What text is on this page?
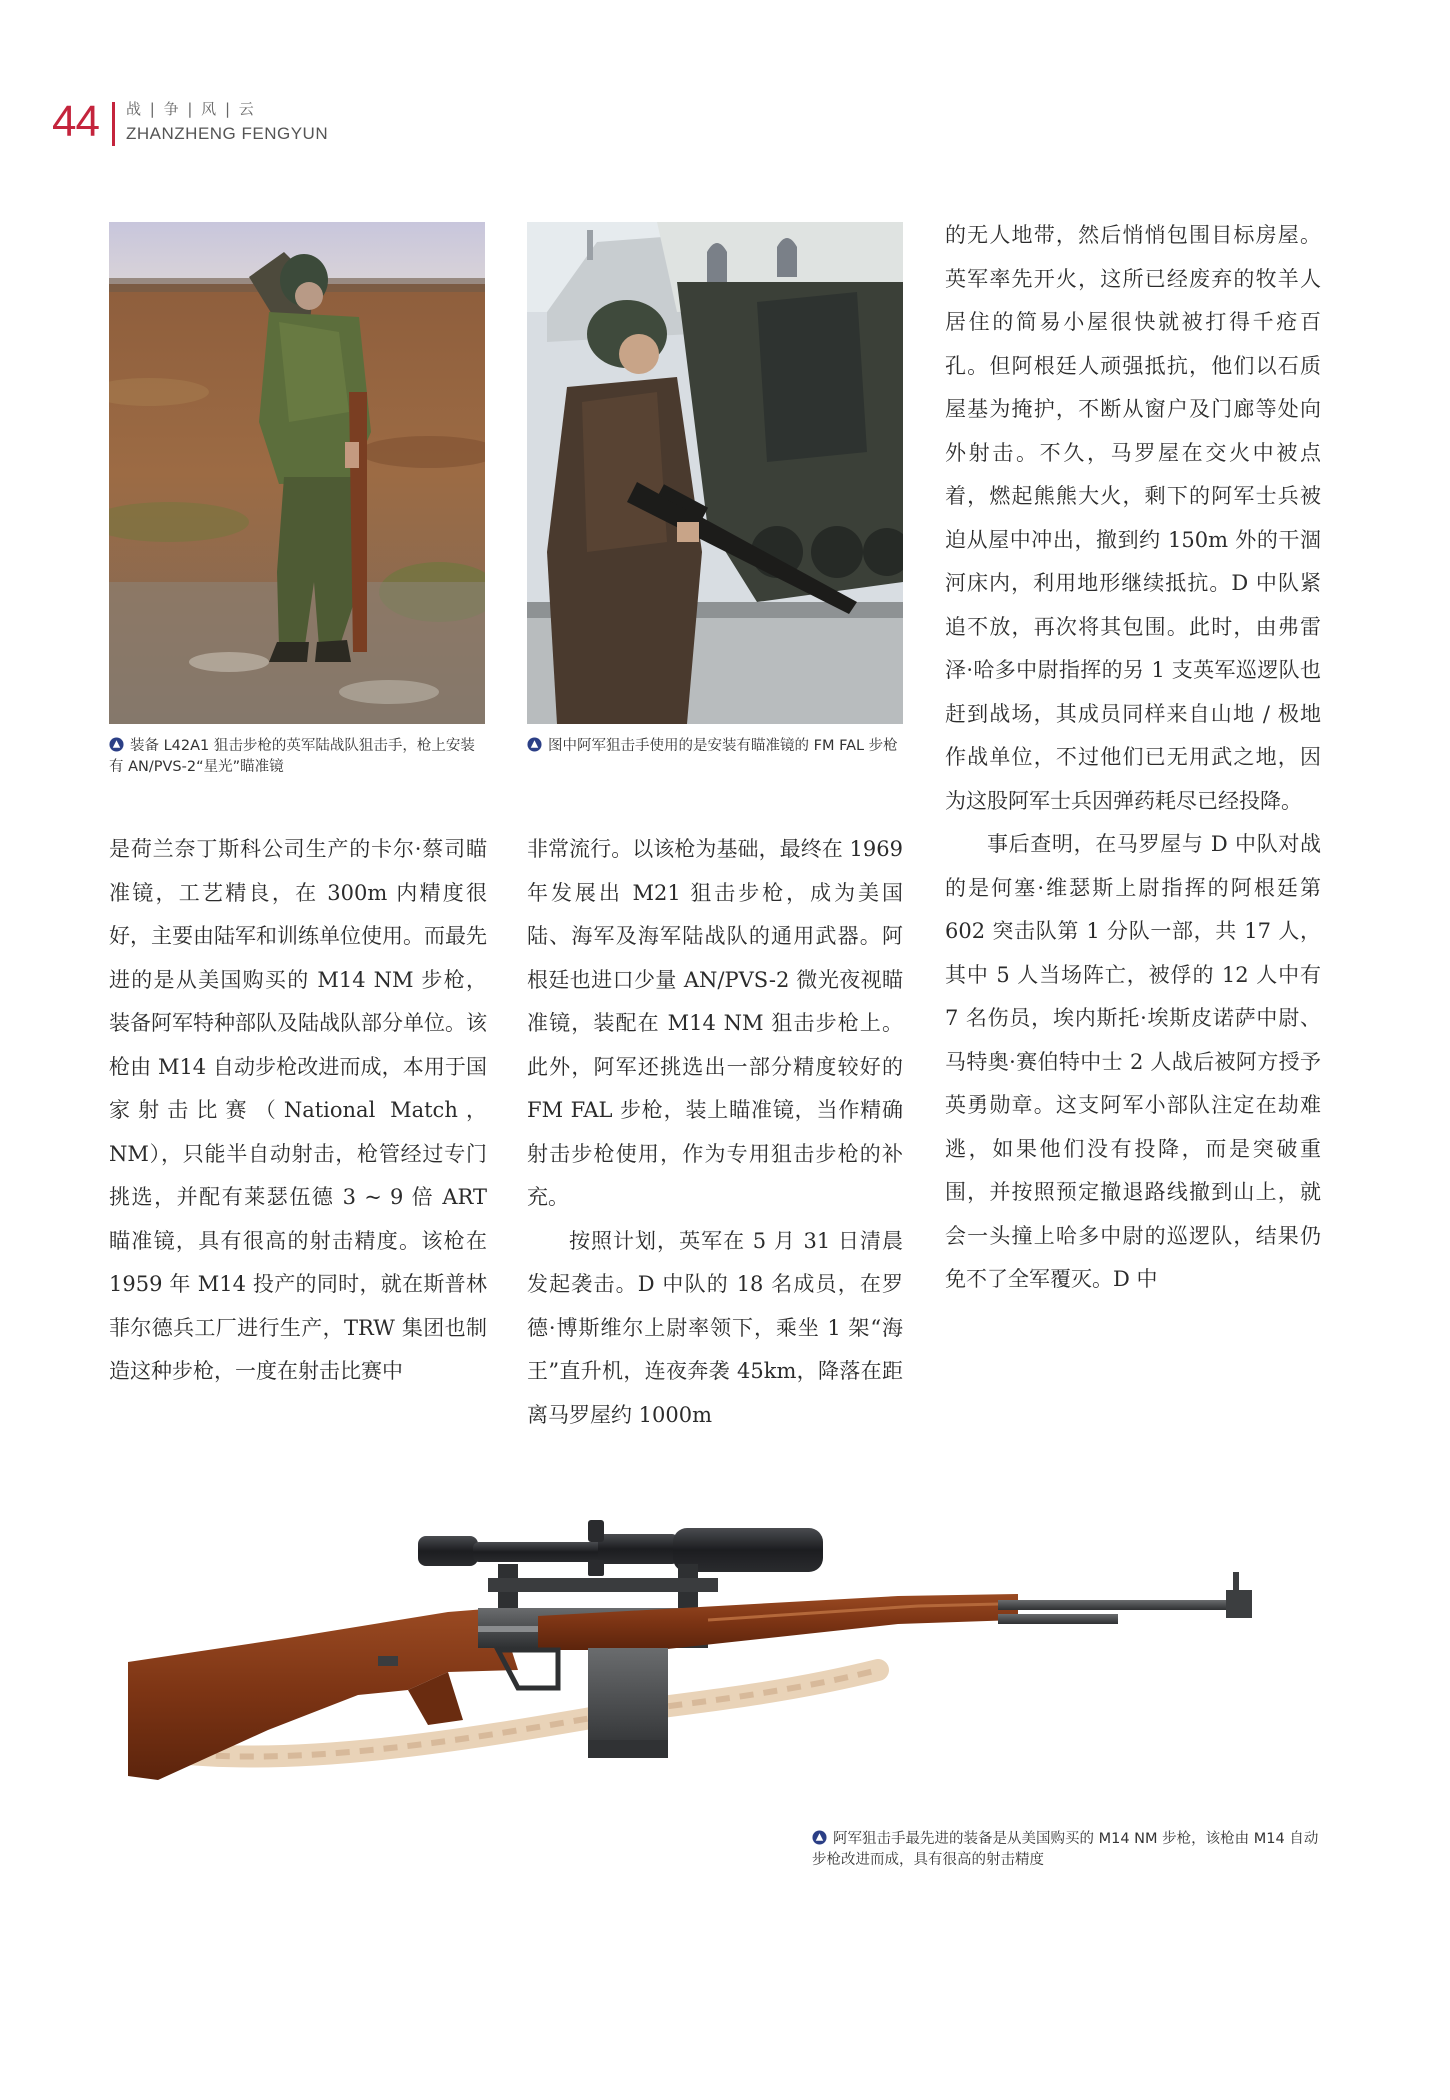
44 战 | 争 | 风 | 云
ZHANZHENG FENGYUN
装备 L42A1 狙击步枪的英军陆战队狙击手，枪上安装有 AN/PVS-2“星光”瞄准镜
图中阿军狙击手使用的是安装有瞄准镜的 FM FAL 步枪

是荷兰奈丁斯科公司生产的卡尔·蔡司瞄准镜，工艺精良，在 300m 内精度很好，主要由陆军和训练单位使用。而最先进的是从美国购买的 M14 NM 步枪，装备阿军特种部队及陆战队部分单位。该枪由 M14 自动步枪改进而成，本用于国家射击比赛（National Match，NM），只能半自动射击，枪管经过专门挑选，并配有莱瑟伍德 3 ~ 9 倍 ART 瞄准镜，具有很高的射击精度。该枪在 1959 年 M14 投产的同时，就在斯普林菲尔德兵工厂进行生产，TRW 集团也制造这种步枪，一度在射击比赛中

非常流行。以该枪为基础，最终在 1969 年发展出 M21 狙击步枪，成为美国陆、海军及海军陆战队的通用武器。阿根廷也进口少量 AN/PVS-2 微光夜视瞄准镜，装配在 M14 NM 狙击步枪上。此外，阿军还挑选出一部分精度较好的 FM FAL 步枪，装上瞄准镜，当作精确射击步枪使用，作为专用狙击步枪的补充。

按照计划，英军在 5 月 31 日清晨发起袭击。D 中队的 18 名成员，在罗德·博斯维尔上尉率领下，乘坐 1 架“海王”直升机，连夜奔袭 45km，降落在距离马罗屋约 1000m

的无人地带，然后悄悄包围目标房屋。英军率先开火，这所已经废弃的牧羊人居住的简易小屋很快就被打得千疮百孔。但阿根廷人顽强抵抗，他们以石质屋基为掩护，不断从窗户及门廊等处向外射击。不久，马罗屋在交火中被点着，燃起熊熊大火，剩下的阿军士兵被迫从屋中冲出，撤到约 150m 外的干涸河床内，利用地形继续抵抗。D 中队紧追不放，再次将其包围。此时，由弗雷泽·哈多中尉指挥的另 1 支英军巡逻队也赶到战场，其成员同样来自山地 / 极地作战单位，不过他们已无用武之地，因为这股阿军士兵因弹药耗尽已经投降。

事后查明，在马罗屋与 D 中队对战的是何塞·维瑟斯上尉指挥的阿根廷第 602 突击队第 1 分队一部，共 17 人，其中 5 人当场阵亡，被俘的 12 人中有 7 名伤员，埃内斯托·埃斯皮诺萨中尉、马特奥·赛伯特中士 2 人战后被阿方授予英勇勋章。这支阿军小部队注定在劫难逃，如果他们没有投降，而是突破重围，并按照预定撤退路线撤到山上，就会一头撞上哈多中尉的巡逻队，结果仍免不了全军覆灭。D 中

阿军狙击手最先进的装备是从美国购买的 M14 NM 步枪，该枪由 M14 自动步枪改进而成，具有很高的射击精度
